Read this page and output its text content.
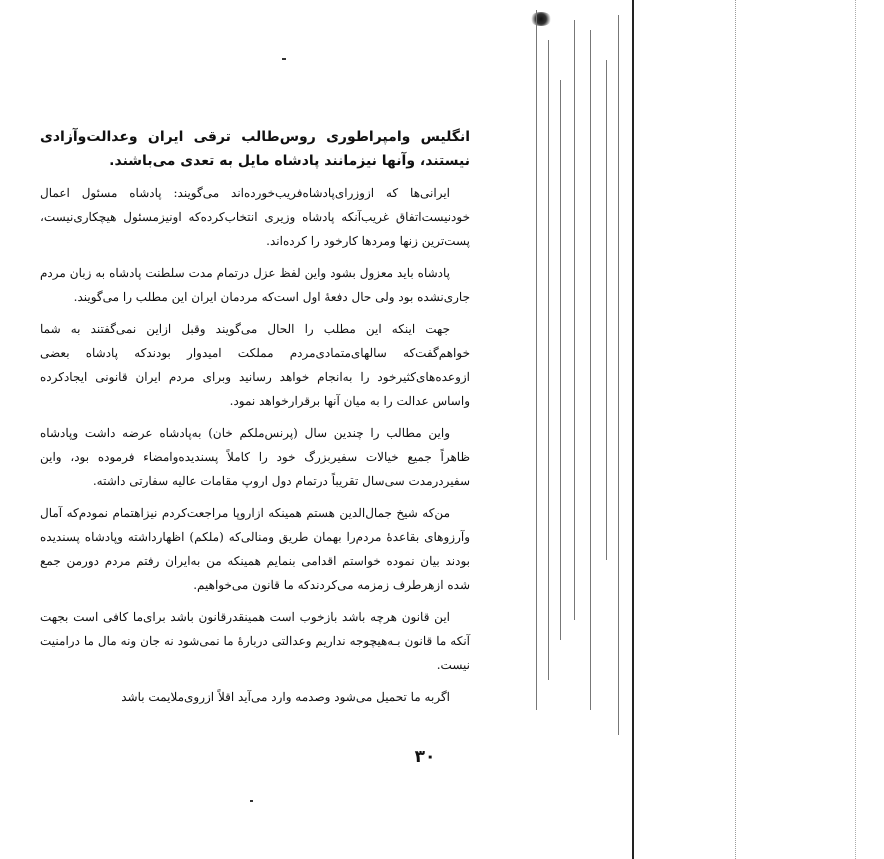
انگلیس وامپراطوری روس‌طالب ترقی ایران وعدالت‌وآزادی نیستند، وآنها نیزمانند پادشاه مایل به تعدی می‌باشند.

ایرانی‌ها که ازوزرای‌پادشاه‌فریب‌خورده‌اند می‌گویند: پادشاه مسئول اعمال خودنیست‌اتفاق غریب‌آنکه پادشاه وزیری انتخاب‌کرده‌که اونیزمسئول هیچکاری‌نیست، پست‌ترین زنها ومردها کارخود را کرده‌اند.

پادشاه باید معزول بشود واین لفظ عزل درتمام مدت سلطنت پادشاه به زبان مردم جاری‌نشده بود ولی حال دفعهٔ اول است‌که مردمان ایران این مطلب را می‌گویند.

جهت اینکه این مطلب را الحال می‌گویند وقبل ازاین نمی‌گفتند به شما خواهم‌گفت‌که سالهای‌متمادی‌مردم مملکت امیدوار بودندکه پادشاه بعضی ازوعده‌های‌کثیرخود را به‌انجام خواهد رسانید وبرای مردم ایران قانونی ایجادکرده واساس عدالت را به میان آنها برقرارخواهد نمود.

واین مطالب را چندین سال (پرنس‌ملکم خان) به‌پادشاه عرضه داشت وپادشاه ظاهراً جمیع خیالات سفیربزرگ خود را کاملاً پسندیده‌وامضاء فرموده بود، واین سفیردرمدت سی‌سال تقریباً درتمام دول اروپ مقامات عالیه سفارتی داشته.

من‌که شیخ جمال‌الدین هستم همینکه ازاروپا مراجعت‌کردم نیزاهتمام نمودم‌که آمال وآرزوهای بقاعدهٔ مردم‌را بهمان طریق ومنالی‌که (ملکم) اظهارداشته وپادشاه پسندیده بودند بیان نموده خواستم اقدامی بنمایم همینکه من به‌ایران رفتم مردم دورمن جمع شده ازهرطرف زمزمه می‌کردندکه ما قانون می‌خواهیم.

این قانون هرچه باشد بازخوب است همینقدرقانون باشد برای‌ما کافی است بجهت آنکه ما قانون بـه‌هیچوجه نداریم وعدالتی دربارهٔ ما نمی‌شود نه جان ونه مال ما درامنیت نیست.

اگربه ما تحمیل می‌شود وصدمه وارد می‌آید اقلاً ازروی‌ملایمت باشد

۳۰
